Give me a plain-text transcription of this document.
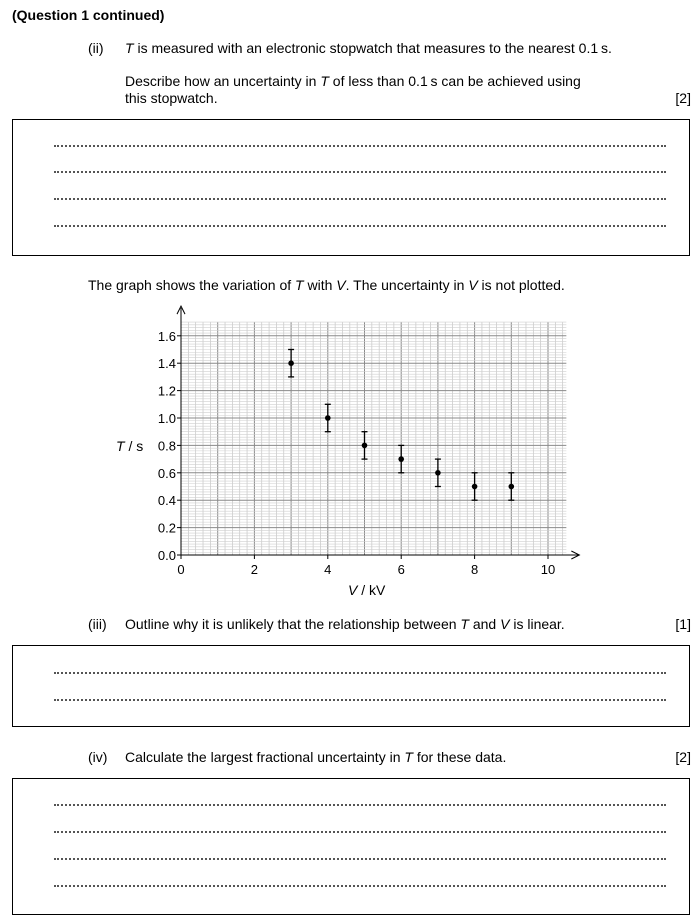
(Question 1 continued)
(ii) T is measured with an electronic stopwatch that measures to the nearest 0.1 s.
Describe how an uncertainty in T of less than 0.1 s can be achieved using
this stopwatch.	[2]
The graph shows the variation of T with V. The uncertainty in V is not plotted.
0.0
0.2
0.4
0.6
0.8
1.0
1.2
1.4
1.6
0	2	4	6	8	10
T / s
V / kV
(iii) Outline why it is unlikely that the relationship between T and V is linear.	[1]
(iv) Calculate the largest fractional uncertainty in T for these data.	[2]
